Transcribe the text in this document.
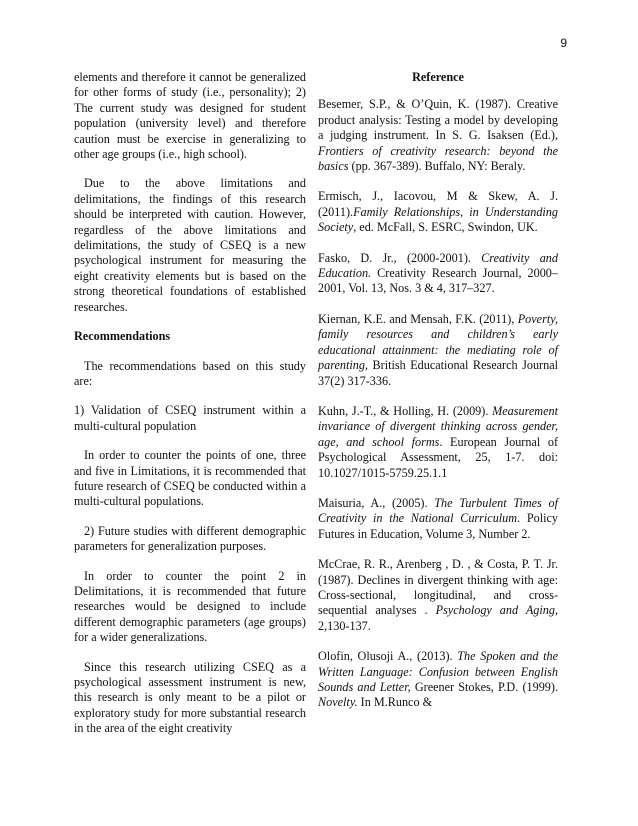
9

elements and therefore it cannot be generalized for other forms of study (i.e., personality); 2) The current study was designed for student population (university level) and therefore caution must be exercise in generalizing to other age groups (i.e., high school).

Due to the above limitations and delimitations, the findings of this research should be interpreted with caution. However, regardless of the above limitations and delimitations, the study of CSEQ is a new psychological instrument for measuring the eight creativity elements but is based on the strong theoretical foundations of established researches.

Recommendations

The recommendations based on this study are:

1) Validation of CSEQ instrument within a multi-cultural population

In order to counter the points of one, three and five in Limitations, it is recommended that future research of CSEQ be conducted within a multi-cultural populations.

2) Future studies with different demographic parameters for generalization purposes.

In order to counter the point 2 in Delimitations, it is recommended that future researches would be designed to include different demographic parameters (age groups) for a wider generalizations.

Since this research utilizing CSEQ as a psychological assessment instrument is new, this research is only meant to be a pilot or exploratory study for more substantial research in the area of the eight creativity

Reference

Besemer, S.P., & O’Quin, K. (1987). Creative product analysis: Testing a model by developing a judging instrument. In S. G. Isaksen (Ed.), Frontiers of creativity research: beyond the basics (pp. 367-389). Buffalo, NY: Beraly.

Ermisch, J., Iacovou, M & Skew, A. J. (2011).Family Relationships, in Understanding Society, ed. McFall, S. ESRC, Swindon, UK.

Fasko, D. Jr., (2000-2001). Creativity and Education. Creativity Research Journal, 2000–2001, Vol. 13, Nos. 3 & 4, 317–327.

Kiernan, K.E. and Mensah, F.K. (2011), Poverty, family resources and children’s early educational attainment: the mediating role of parenting, British Educational Research Journal 37(2) 317-336.

Kuhn, J.-T., & Holling, H. (2009). Measurement invariance of divergent thinking across gender, age, and school forms. European Journal of Psychological Assessment, 25, 1-7. doi: 10.1027/1015-5759.25.1.1

Maisuria, A., (2005). The Turbulent Times of Creativity in the National Curriculum. Policy Futures in Education, Volume 3, Number 2.

McCrae, R. R., Arenberg , D. , & Costa, P. T. Jr. (1987). Declines in divergent thinking with age: Cross-sectional, longitudinal, and cross-sequential analyses . Psychology and Aging, 2,130-137.

Olofin, Olusoji A., (2013). The Spoken and the Written Language: Confusion between English Sounds and Letter, Greener Stokes, P.D. (1999). Novelty. In M.Runco &
